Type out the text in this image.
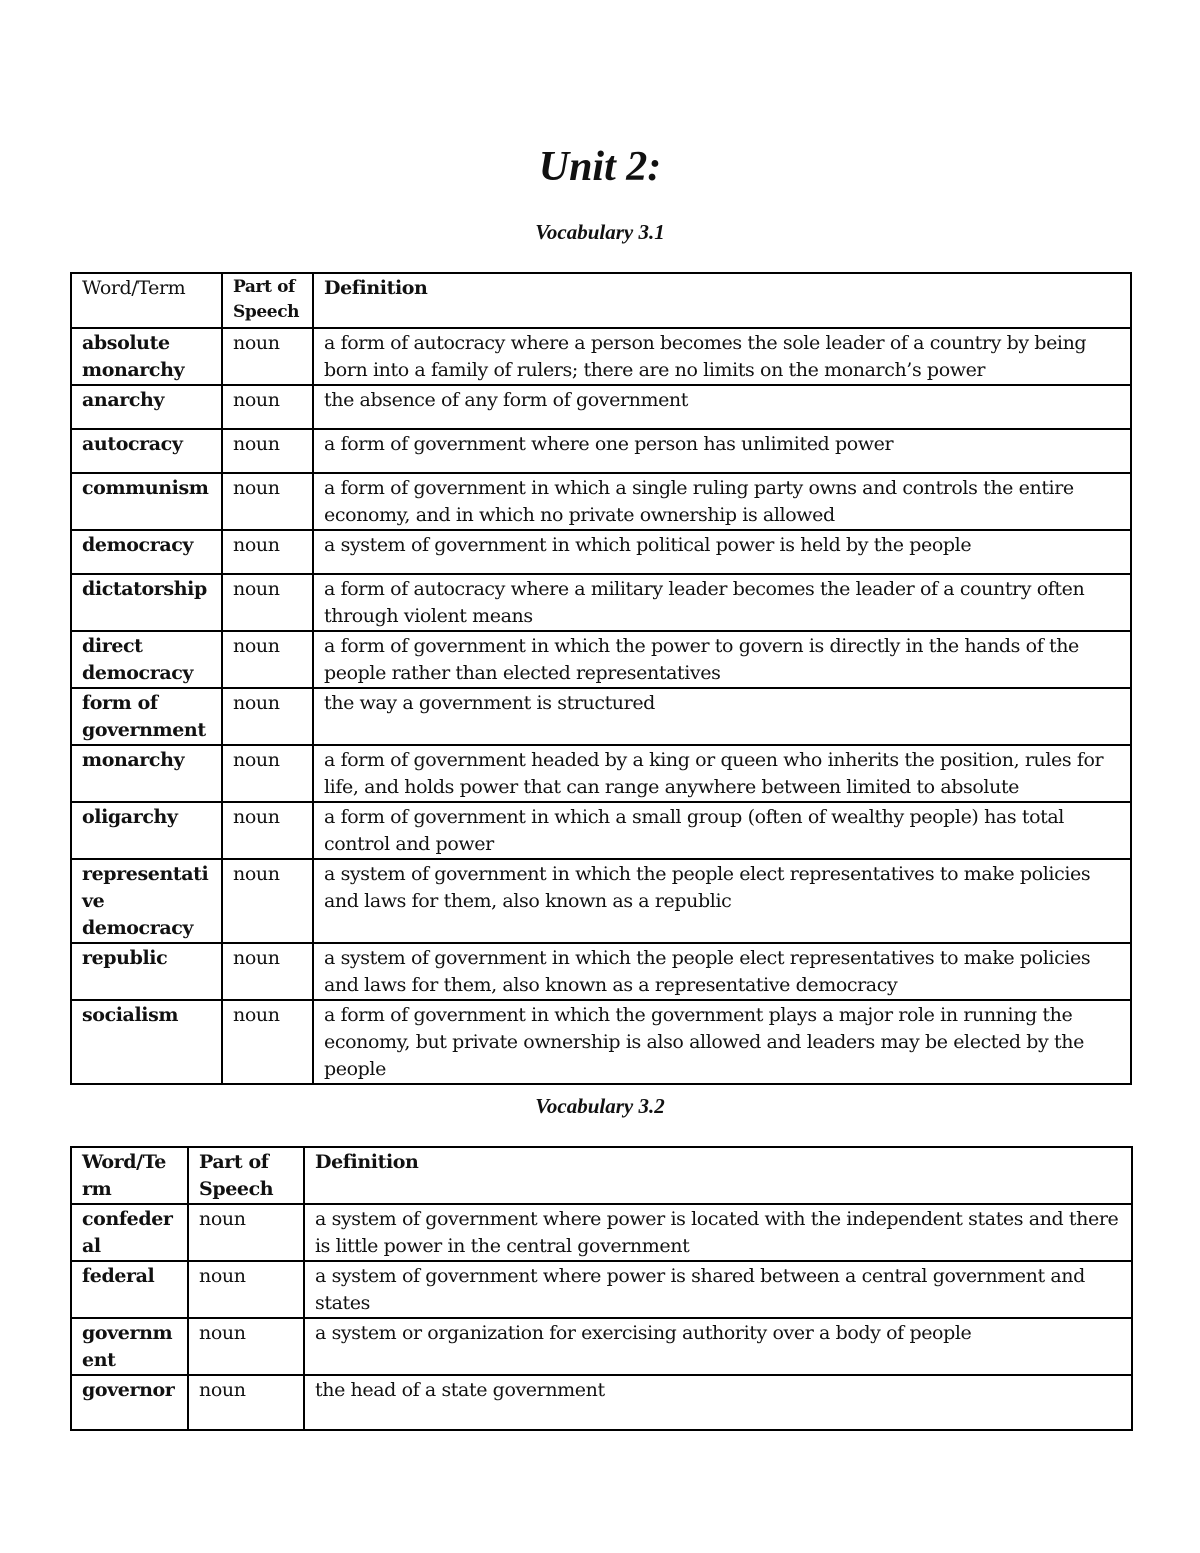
Unit 2:
Vocabulary 3.1
Word/Term	Part of Speech	Definition
absolute monarchy	noun	a form of autocracy where a person becomes the sole leader of a country by being born into a family of rulers; there are no limits on the monarch’s power
anarchy	noun	the absence of any form of government
autocracy	noun	a form of government where one person has unlimited power
communism	noun	a form of government in which a single ruling party owns and controls the entire economy, and in which no private ownership is allowed
democracy	noun	a system of government in which political power is held by the people
dictatorship	noun	a form of autocracy where a military leader becomes the leader of a country often through violent means
direct democracy	noun	a form of government in which the power to govern is directly in the hands of the people rather than elected representatives
form of government	noun	the way a government is structured
monarchy	noun	a form of government headed by a king or queen who inherits the position, rules for life, and holds power that can range anywhere between limited to absolute
oligarchy	noun	a form of government in which a small group (often of wealthy people) has total control and power
representati ve democracy	noun	a system of government in which the people elect representatives to make policies and laws for them, also known as a republic
republic	noun	a system of government in which the people elect representatives to make policies and laws for them, also known as a representative democracy
socialism	noun	a form of government in which the government plays a major role in running the economy, but private ownership is also allowed and leaders may be elected by the people
Vocabulary 3.2
Word/Te rm	Part of Speech	Definition
confeder al	noun	a system of government where power is located with the independent states and there is little power in the central government
federal	noun	a system of government where power is shared between a central government and states
governm ent	noun	a system or organization for exercising authority over a body of people
governor	noun	the head of a state government
